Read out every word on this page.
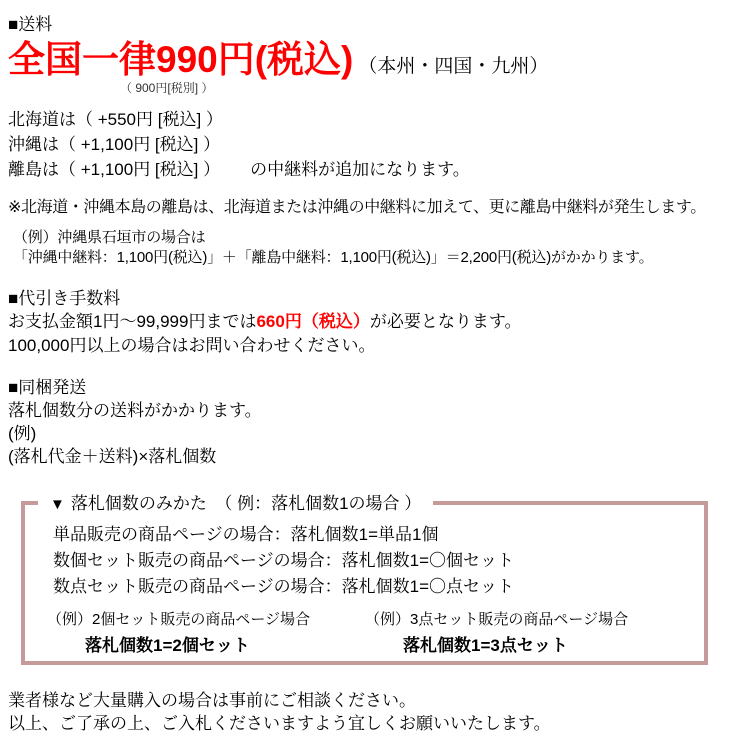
■送料
全国一律990円(税込) （本州・四国・九州）
（ 900円[税別] ）
北海道は（ +550円 [税込] ）
沖縄は（ +1,100円 [税込] ）
離島は（ +1,100円 [税込] ） の中継料が追加になります。
※北海道・沖縄本島の離島は、北海道または沖縄の中継料に加えて、更に離島中継料が発生します。
（例）沖縄県石垣市の場合は
「沖縄中継料：1,100円(税込)」＋「離島中継料：1,100円(税込)」＝2,200円(税込)がかかります。
■代引き手数料
お支払金額1円～99,999円までは660円（税込）が必要となります。
100,000円以上の場合はお問い合わせください。
■同梱発送
落札個数分の送料がかかります。
(例)
(落札代金＋送料)×落札個数
▼ 落札個数のみかた　（ 例：落札個数1の場合 ）
単品販売の商品ページの場合：落札個数1=単品1個
数個セット販売の商品ページの場合：落札個数1=〇個セット
数点セット販売の商品ページの場合：落札個数1=〇点セット
（例）2個セット販売の商品ページ場合
落札個数1=2個セット
（例）3点セット販売の商品ページ場合
落札個数1=3点セット
業者様など大量購入の場合は事前にご相談ください。
以上、ご了承の上、ご入札くださいますよう宜しくお願いいたします。
